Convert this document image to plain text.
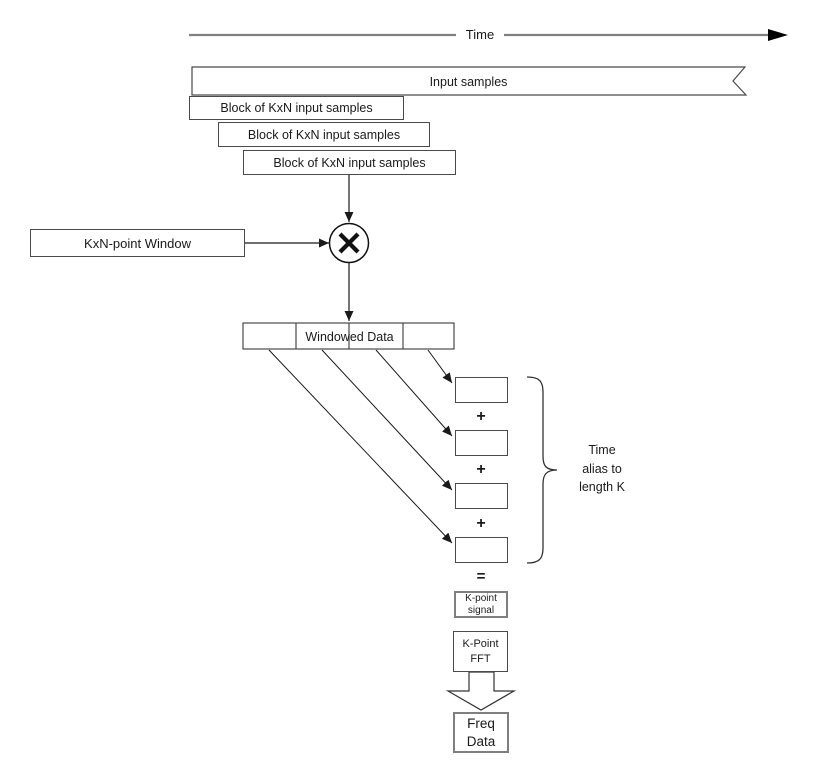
Time
Input samples
Block of KxN input samples
Block of KxN input samples
Block of KxN input samples
KxN-point Window
Windowed Data
+
+
+
=
Time
alias to
length K
K-point
signal
K-Point
FFT
Freq
Data
